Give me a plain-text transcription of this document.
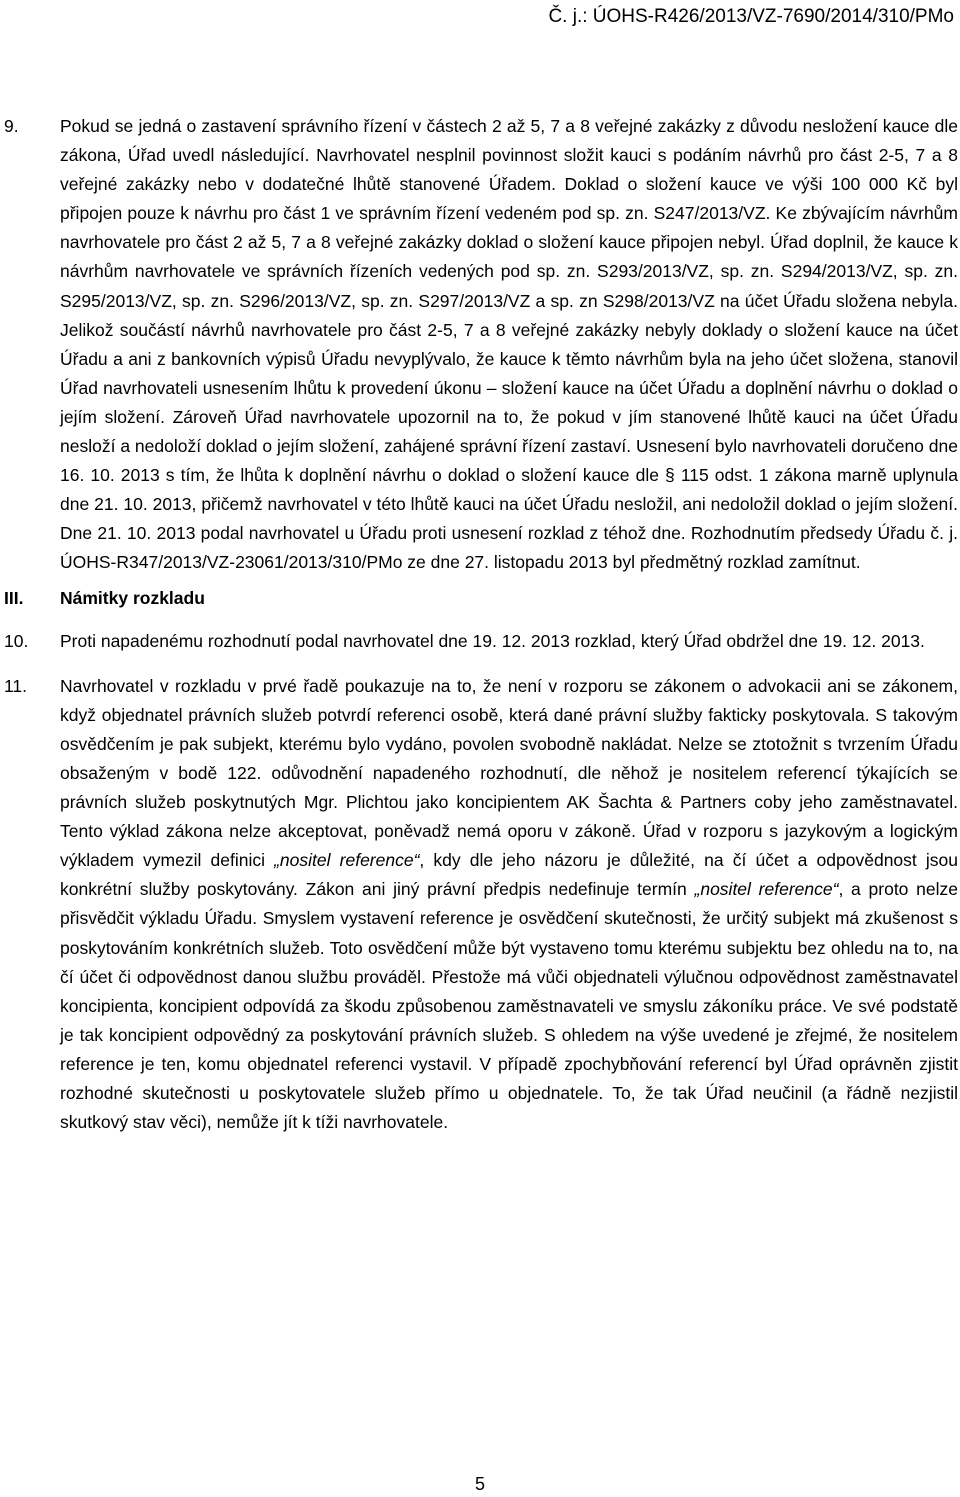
Č. j.: ÚOHS-R426/2013/VZ-7690/2014/310/PMo
9.	Pokud se jedná o zastavení správního řízení v částech 2 až 5, 7 a 8 veřejné zakázky z důvodu nesložení kauce dle zákona, Úřad uvedl následující. Navrhovatel nesplnil povinnost složit kauci s podáním návrhů pro část 2-5, 7 a 8 veřejné zakázky nebo v dodatečné lhůtě stanovené Úřadem. Doklad o složení kauce ve výši 100 000 Kč byl připojen pouze k návrhu pro část 1 ve správním řízení vedeném pod sp. zn. S247/2013/VZ. Ke zbývajícím návrhům navrhovatele pro část 2 až 5, 7 a 8 veřejné zakázky doklad o složení kauce připojen nebyl. Úřad doplnil, že kauce k návrhům navrhovatele ve správních řízeních vedených pod sp. zn. S293/2013/VZ, sp. zn. S294/2013/VZ, sp. zn. S295/2013/VZ, sp. zn. S296/2013/VZ, sp. zn. S297/2013/VZ a sp. zn S298/2013/VZ na účet Úřadu složena nebyla. Jelikož součástí návrhů navrhovatele pro část 2-5, 7 a 8 veřejné zakázky nebyly doklady o složení kauce na účet Úřadu a ani z bankovních výpisů Úřadu nevyplývalo, že kauce k těmto návrhům byla na jeho účet složena, stanovil Úřad navrhovateli usnesením lhůtu k provedení úkonu – složení kauce na účet Úřadu a doplnění návrhu o doklad o jejím složení. Zároveň Úřad navrhovatele upozornil na to, že pokud v jím stanovené lhůtě kauci na účet Úřadu nesloží a nedoloží doklad o jejím složení, zahájené správní řízení zastaví. Usnesení bylo navrhovateli doručeno dne 16. 10. 2013 s tím, že lhůta k doplnění návrhu o doklad o složení kauce dle § 115 odst. 1 zákona marně uplynula dne 21. 10. 2013, přičemž navrhovatel v této lhůtě kauci na účet Úřadu nesložil, ani nedoložil doklad o jejím složení. Dne 21. 10. 2013 podal navrhovatel u Úřadu proti usnesení rozklad z téhož dne. Rozhodnutím předsedy Úřadu č. j. ÚOHS-R347/2013/VZ-23061/2013/310/PMo ze dne 27. listopadu 2013 byl předmětný rozklad zamítnut.
III.	Námitky rozkladu
10.	Proti napadenému rozhodnutí podal navrhovatel dne 19. 12. 2013 rozklad, který Úřad obdržel dne 19. 12. 2013.
11.	Navrhovatel v rozkladu v prvé řadě poukazuje na to, že není v rozporu se zákonem o advokacii ani se zákonem, když objednatel právních služeb potvrdí referenci osobě, která dané právní služby fakticky poskytovala. S takovým osvědčením je pak subjekt, kterému bylo vydáno, povolen svobodně nakládat. Nelze se ztotožnit s tvrzením Úřadu obsaženým v bodě 122. odůvodnění napadeného rozhodnutí, dle něhož je nositelem referencí týkajících se právních služeb poskytnutých Mgr. Plichtou jako koncipientem AK Šachta & Partners coby jeho zaměstnavatel. Tento výklad zákona nelze akceptovat, poněvadž nemá oporu v zákoně. Úřad v rozporu s jazykovým a logickým výkladem vymezil definici „nositel reference“, kdy dle jeho názoru je důležité, na čí účet a odpovědnost jsou konkrétní služby poskytovány. Zákon ani jiný právní předpis nedefinuje termín „nositel reference“, a proto nelze přisvědčit výkladu Úřadu. Smyslem vystavení reference je osvědčení skutečnosti, že určitý subjekt má zkušenost s poskytováním konkrétních služeb. Toto osvědčení může být vystaveno tomu kterému subjektu bez ohledu na to, na čí účet či odpovědnost danou službu prováděl. Přestože má vůči objednateli výlučnou odpovědnost zaměstnavatel koncipienta, koncipient odpovídá za škodu způsobenou zaměstnavateli ve smyslu zákoníku práce. Ve své podstatě je tak koncipient odpovědný za poskytování právních služeb. S ohledem na výše uvedené je zřejmé, že nositelem reference je ten, komu objednatel referenci vystavil. V případě zpochybňování referencí byl Úřad oprávněn zjistit rozhodné skutečnosti u poskytovatele služeb přímo u objednatele. To, že tak Úřad neučinil (a řádně nezjistil skutkový stav věci), nemůže jít k tíži navrhovatele.
5
